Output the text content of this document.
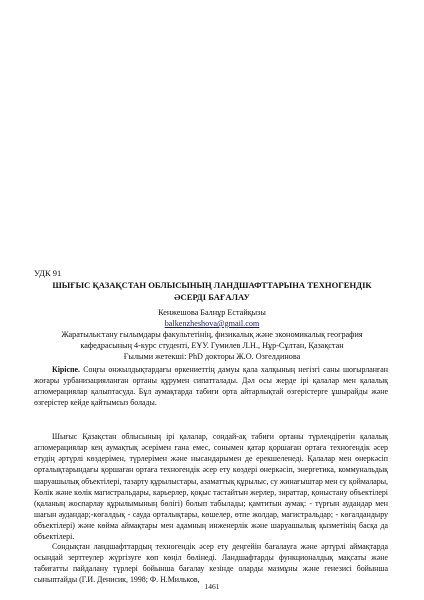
УДК 91
ШЫҒЫС ҚАЗАҚСТАН ОБЛЫСЫНЫҢ ЛАНДШАФТТАРЫНА ТЕХНОГЕНДІК
ӘСЕРДІ БАҒАЛАУ
Кенжешова Балнұр Естайқызы
balkenzheshova@gmail.com
Жаратылыстану ғылымдары факультетінің, физикалық және экономикалық география
кафедрасының 4-курс студенті, ЕҰУ. Гумилев Л.Н., Нұр-Сұлтан, Қазақстан
Ғылыми жетекші: PhD докторы Ж.О. Озгелдинова

Кіріспе. Соңғы онжылдықтардағы өркениеттің дамуы қала халқының негізгі саны шоғырланған жоғары урбанизацияланған ортаны құрумен сипатталады. Дәл осы жерде ірі қалалар мен қалалық агломерациялар қалыптасуда. Бұл аумақтарда табиғи орта айтарлықтай өзгерістерге ұшырайды және өзгерістер кейде қайтымсыз болады.

Шығыс Қазақстан облысының ірі қалалар, сондай-ақ табиғи ортаны түрлендіретін қалалық агломерациялар кең аумақтық әсерімен ғана емес, сонымен қатар қоршаған ортаға техногендік әсер етудің әртүрлі көздерімен, түрлерімен және нысандарымен де ерекшеленеді. Қалалар мен өнеркәсіп орталықтарындағы қоршаған ортаға техногендік әсер ету көздері өнеркәсіп, энергетика, коммунальдық шаруашылық объектілері, тазарту құрылыстары, азаматтық құрылыс, су жинағыштар мен су қоймалары, Көлік және көлік магистральдары, карьерлер, қоқыс тастайтын жерлер, зираттар, қоныстану объектілері (қаланың жоспарлау құрылымының бөлігі) болып табылады; қамтитын аумақ: - түрғын аудандар мен шағын аудандар;-көгалдық - саудa орталықтары, көшелер, өтпе жолдар, магистральдар; - көгалдандыру объектілері) және көйма аймақтары мен адамның инженерлік және шаруашылық қызметінің басқа да объектілері.

Сондықтан ландшафттардың техногендік әсер ету деңгейін бағалауға және әртүрлі аймақтарда осындай зерттеулер жүргізуге көп көңіл бөлінеді. Ландшафтарды функционалдық мақсаты және табиғатты пайдалану түрлері бойынша бағалау кезінде оларды мазмұны және генезисі бойынша сыныптайды (Г.И. Денисик, 1998; Ф. Н.Мильков,

1461
